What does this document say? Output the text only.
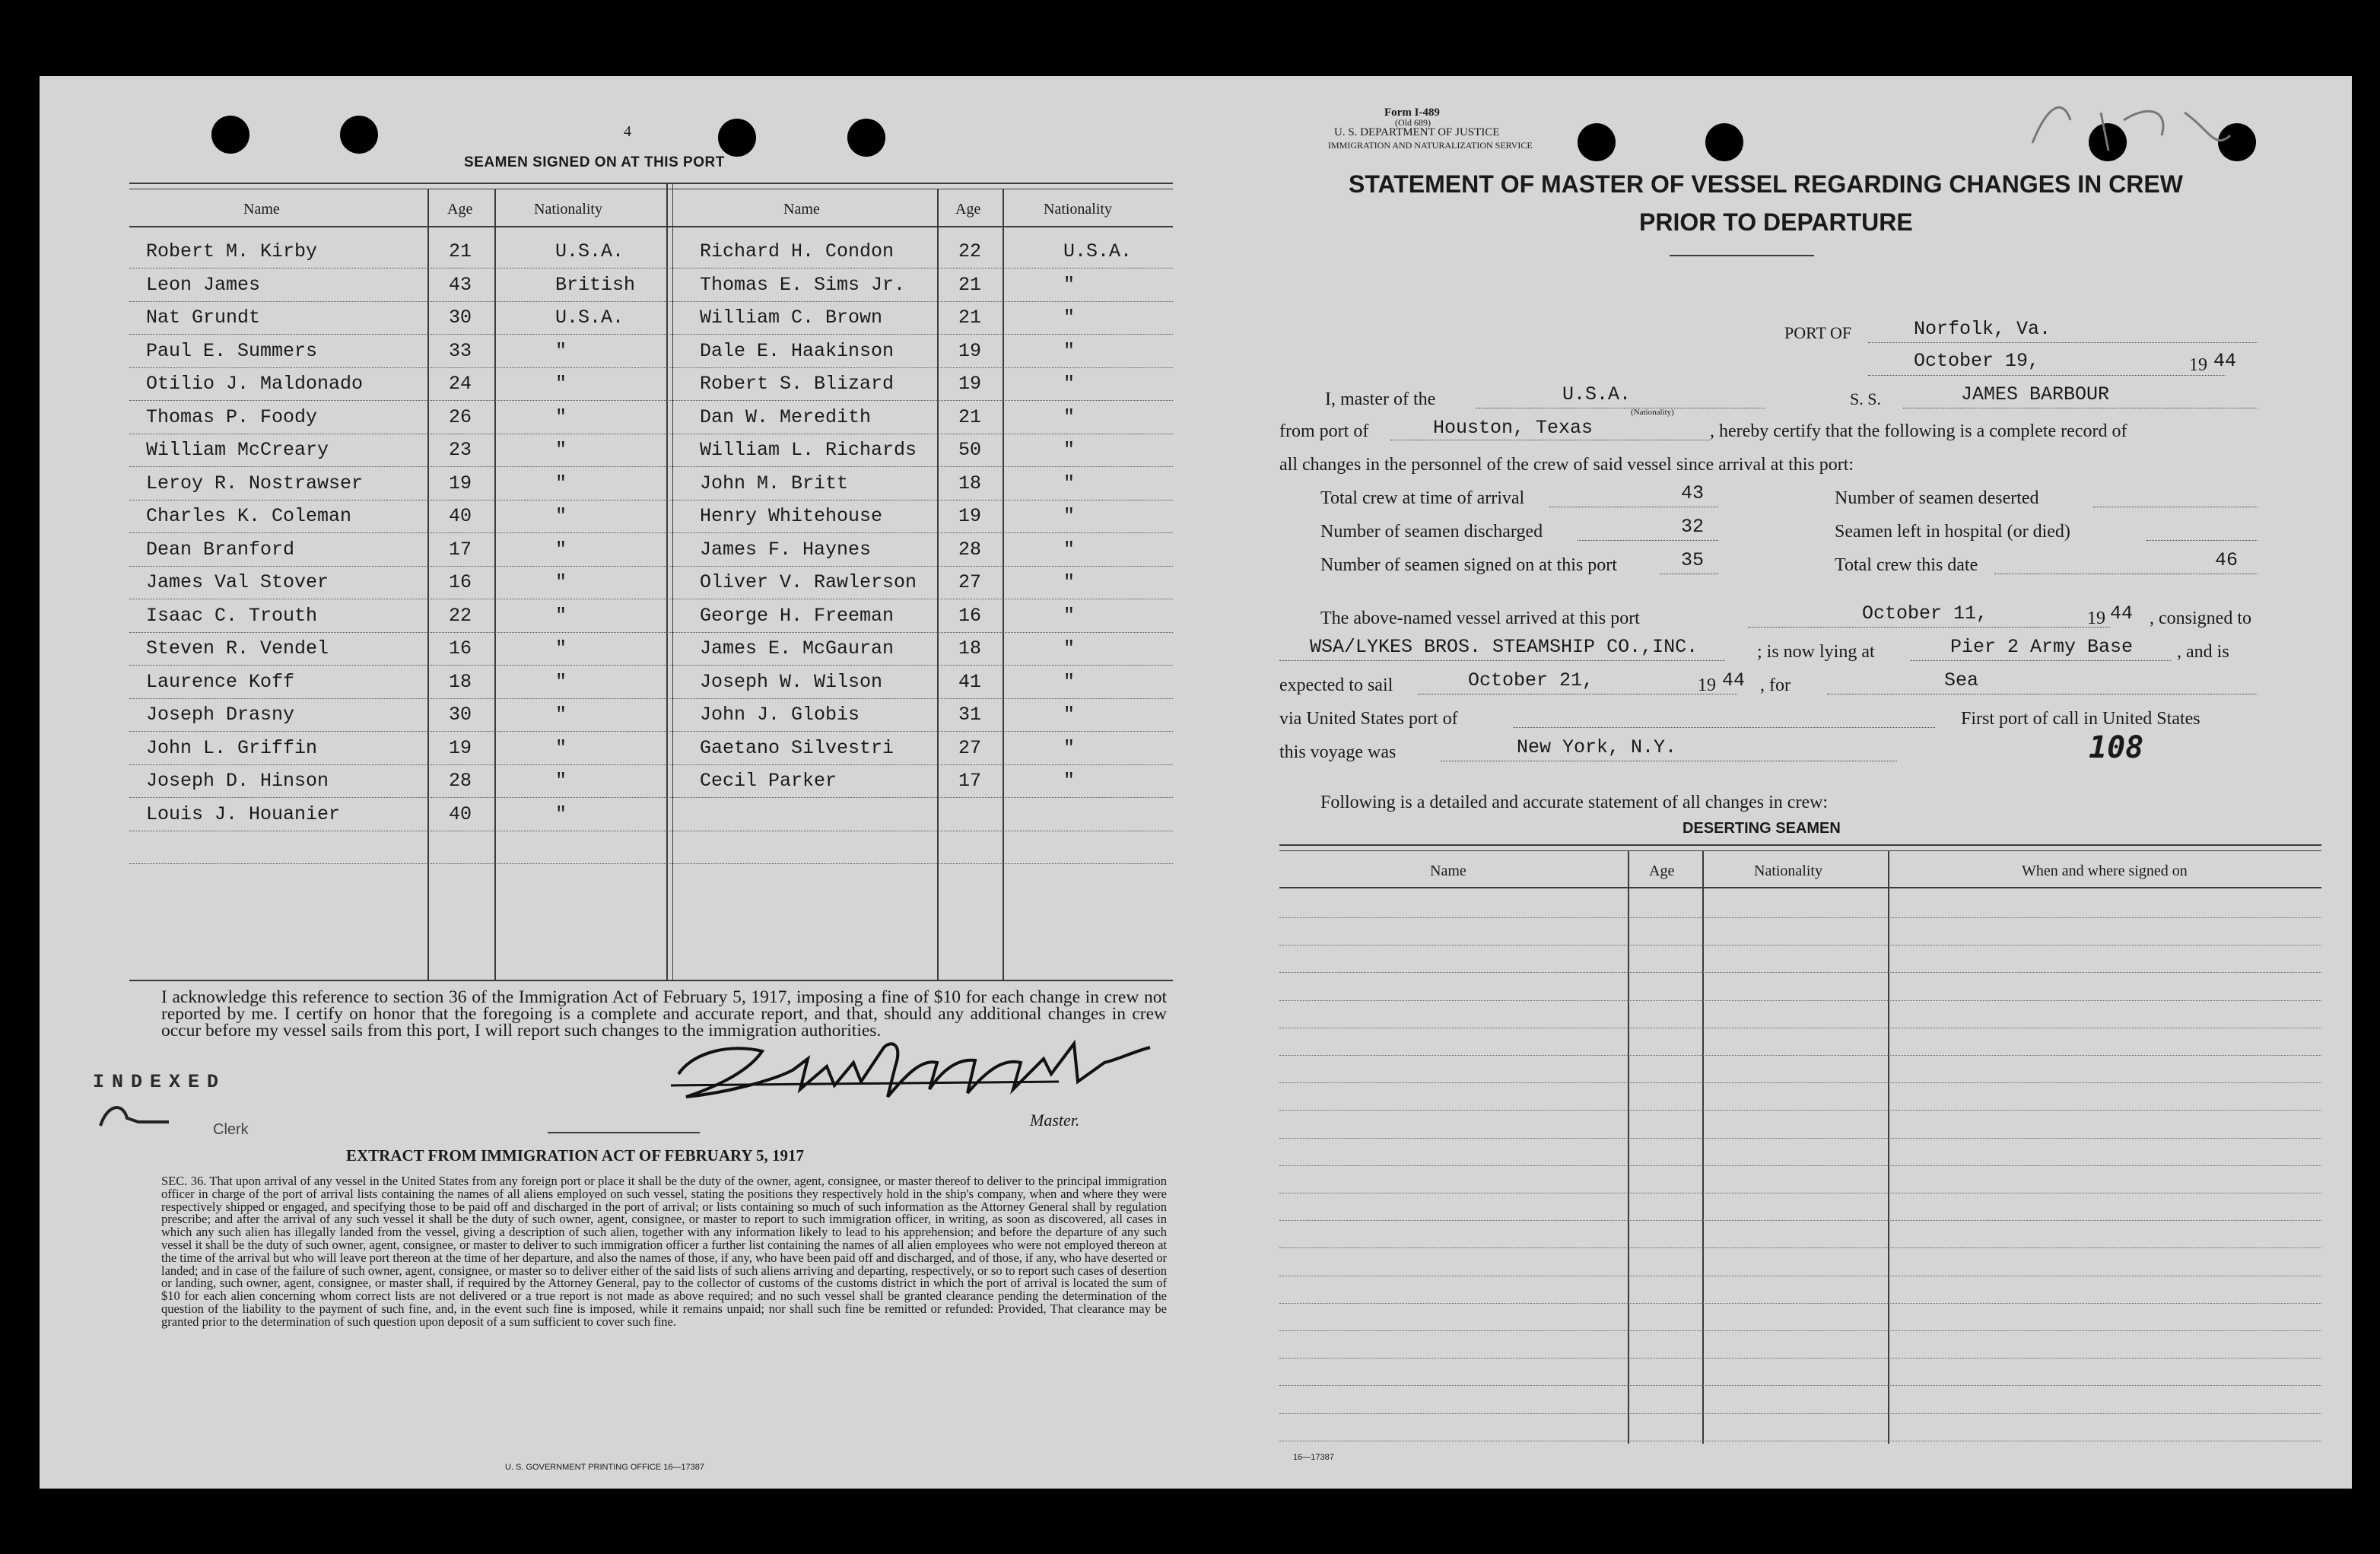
4
SEAMEN SIGNED ON AT THIS PORT
Name	Age	Nationality	Name	Age	Nationality
Robert M. Kirby	21	U.S.A.	Richard H. Condon	22	U.S.A.
Leon James	43	British	Thomas E. Sims Jr.	21	"
Nat Grundt	30	U.S.A.	William C. Brown	21	"
Paul E. Summers	33	"	Dale E. Haakinson	19	"
Otilio J. Maldonado	24	"	Robert S. Blizard	19	"
Thomas P. Foody	26	"	Dan W. Meredith	21	"
William McCreary	23	"	William L. Richards 50	"
Leroy R. Nostrawser	19	"	John M. Britt	18	"
Charles K. Coleman	40	"	Henry Whitehouse	19	"
Dean Branford	17	"	James F. Haynes	28	"
James Val Stover	16	"	Oliver V. Rawlerson 27	"
Isaac C. Trouth	22	"	George H. Freeman	16	"
Steven R. Vendel	16	"	James E. McGauran	18	"
Laurence Koff	18	"	Joseph W. Wilson	41	"
Joseph Drasny	30	"	John J. Globis	31	"
John L. Griffin	19	"	Gaetano Silvestri	27	"
Joseph D. Hinson	28	"	Cecil Parker	17	"
Louis J. Houanier	40	"
I acknowledge this reference to section 36 of the Immigration Act of February 5, 1917, imposing a fine of $10 for each change in crew not reported by me. I certify on honor that the foregoing is a complete and accurate report, and that, should any additional changes in crew occur before my vessel sails from this port, I will report such changes to the immigration authorities.
INDEXED
Clerk	Master.
EXTRACT FROM IMMIGRATION ACT OF FEBRUARY 5, 1917
SEC. 36. That upon arrival of any vessel in the United States from any foreign port or place it shall be the duty of the owner, agent, consignee, or master thereof to deliver to the principal immigration officer in charge of the port of arrival lists containing the names of all aliens employed on such vessel, stating the positions they respectively hold in the ship's company, when and where they were respectively shipped or engaged, and specifying those to be paid off and discharged in the port of arrival; or lists containing so much of such information as the Attorney General shall by regulation prescribe; and after the arrival of any such vessel it shall be the duty of such owner, agent, consignee, or master to report to such immigration officer, in writing, as soon as discovered, all cases in which any such alien has illegally landed from the vessel, giving a description of such alien, together with any information likely to lead to his apprehension; and before the departure of any such vessel it shall be the duty of such owner, agent, consignee, or master to deliver to such immigration officer a further list containing the names of all alien employees who were not employed thereon at the time of the arrival but who will leave port thereon at the time of her departure, and also the names of those, if any, who have been paid off and discharged, and of those, if any, who have deserted or landed; and in case of the failure of such owner, agent, consignee, or master so to deliver either of the said lists of such aliens arriving and departing, respectively, or so to report such cases of desertion or landing, such owner, agent, consignee, or master shall, if required by the Attorney General, pay to the collector of customs of the customs district in which the port of arrival is located the sum of $10 for each alien concerning whom correct lists are not delivered or a true report is not made as above required; and no such vessel shall be granted clearance pending the determination of the question of the liability to the payment of such fine, and, in the event such fine is imposed, while it remains unpaid; nor shall such fine be remitted or refunded: Provided, That clearance may be granted prior to the determination of such question upon deposit of a sum sufficient to cover such fine.
U. S. GOVERNMENT PRINTING OFFICE 16—17387
Form I-489
(Old 689)
U. S. DEPARTMENT OF JUSTICE
IMMIGRATION AND NATURALIZATION SERVICE
STATEMENT OF MASTER OF VESSEL REGARDING CHANGES IN CREW
PRIOR TO DEPARTURE
PORT OF	Norfolk, Va.
October 19,	19 44
I, master of the	U.S.A.
(Nationality)
S. S.	JAMES BARBOUR
from port of	Houston, Texas	, hereby certify that the following is a complete record of
all changes in the personnel of the crew of said vessel since arrival at this port:
Total crew at time of arrival	43	Number of seamen deserted
Number of seamen discharged	32	Seamen left in hospital (or died)
Number of seamen signed on at this port	35	Total crew this date	46
The above-named vessel arrived at this port	October 11,	19 44 , consigned to
WSA/LYKES BROS. STEAMSHIP CO.,INC.	; is now lying at	Pier 2 Army Base , and is
expected to sail	October 21,	19 44 , for	Sea
via United States port of	First port of call in United States
this voyage was	New York, N.Y.	108
Following is a detailed and accurate statement of all changes in crew:
DESERTING SEAMEN
Name	Age	Nationality	When and where signed on
16—17387
